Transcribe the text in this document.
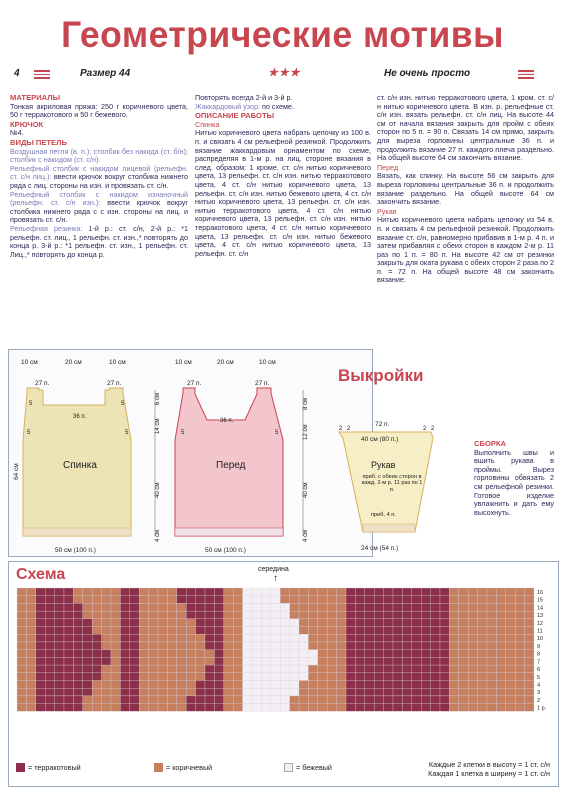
Геометрические мотивы
4	Размер 44	★★★	Не очень просто

МАТЕРИАЛЫ
Тонкая акриловая пряжа: 250 г коричневого цвета, 50 г терракотового и 50 г бежевого.

КРЮЧОК
№4.

ВИДЫ ПЕТЕЛЬ
Воздушная петля (в. п.); столбик без накида (ст. б/н); столбик с накидом (ст. с/н).
Рельефный столбик с накидом лицевой (рельефн. ст. с/н лиц.): ввести крючок вокруг столбика нижнего ряда с лиц. стороны на изн. и провязать ст. с/н.
Рельефный столбик с накидом изнаночный (рельефн. ст. с/н изн.): ввести крючок вокруг столбика нижнего ряда с с изн. стороны на лиц. и провязать ст. с/н.
Рельефная резинка: 1-й р.: ст. с/н, 2-й р.: *1 рельефн. ст. лиц., 1 рельефн. ст. изн.,* повторять до конца р. 3-й р.: *1 рельефн. ст. изн., 1 рельефн. ст. Лиц.,* повторять до конца р.

Повторять всегда 2-й и 3-й р.
Жаккардовый узор: по схеме.

ОПИСАНИЕ РАБОТЫ
Спинка
Нитью коричневого цвета набрать цепочку из 100 в. п. и связать 4 см рельефной резинкой. Продолжить вязание жаккардовым орнаментом по схеме, распределяя в 1-м р. на лиц. стороне вязания в след. образом: 1 кроме. ст. с/н нитью коричневого цвета, 13 рельефн. ст. с/н изн. нитью терракотового цвета, 4 ст. с/н нитью коричневого цвета, 13 рельефн. ст. с/н изн. нитью бежевого цвета, 4 ст. с/н нитью коричневого цвета, 13 рельефн. ст. с/н изн. нитью терракотового цвета, 4 ст. с/н нитью коричневого цвета, 13 рельефн. ст. с/н изн. нитью терракотового цвета, 4 ст. с/н нитью коричневого цвета, 13 рельефн. ст. с/н изн. нитью бежевого цвета, 4 ст. с/н нитью коричневого цвета, 13 рельефн. ст. с/н

ст. с/н изн. нитью терракотового цвета, 1 кром. ст. с/н нитью коричневого цвета. В изн. р. рельефные ст. с/н изн. вязать рельефн. ст. с/н лиц. На высоте 44 см от начала вязания закрыть для пройм с обеих сторон по 5 п. = 90 п. Связать 14 см прямо, закрыть для выреза горловины центральные 36 п. и продолжить вязание 27 п. каждого плеча раздельно. На общей высоте 64 см закончить вязание.

Перед
Вязать, как спинку. На высоте 56 см закрыть для выреза горловины центральные 36 п. и продолжить вязание раздельно. На общей высоте 64 см закончить вязание.

Рукав
Нитью коричневого цвета набрать цепочку из 54 в. п. и связать 4 см рельефной резинкой. Продолжить вязание ст. с/н, равномерно прибавив в 1-м р. 4 п. и затем прибавляя с обеих сторон в каждом 2-м р. 11 раз по 1 п. = 80 п. На высоте 42 см от резинки закрыть для оката рукава с обеих сторон 2 раза по 2 п. = 72 п. На общей высоте 48 см закончить вязание.

СБОРКА
Выполнить швы и вшить рукава в проймы. Вырез горловины обвязать 2 см рельефной резинки. Готовое изделие увлажнить и дать ему высохнуть.

Спинка
36 п.
10 см	20 см	10 см
27 п.	27 п.
5	5
5	5
50 см (100 п.)
64 см
6 см
14 см
40 см
4 см
Перед
36 п.
10 см	20 см	10 см
27 п.	27 п.
5	5
50 см (100 п.)
8 см
12 см
40 см
4 см
Рукав
72 п.
40 см (80 п.)
2 2	2 2
приб. с обеих сторон в кажд. 2-м р. 11 раз по 1 п.
приб. 4 п.
24 см (54 п.)
Выкройки
16
15
14
13
12
11
10
9
8
7
6
5
4
3
2
1 р.
Схема	середина
↑
= терракотовый	= коричневый	= бежевый	Каждые 2 клетки в высоту = 1 ст. с/н
Каждая 1 клетка в ширину = 1 ст. с/н
